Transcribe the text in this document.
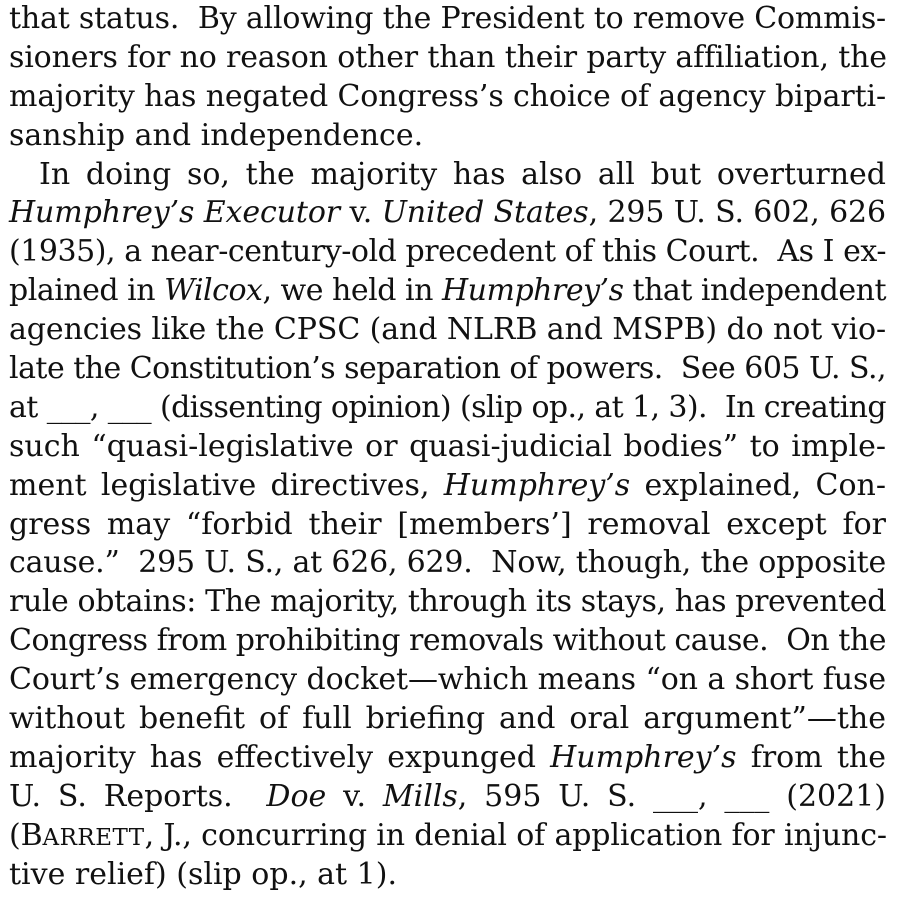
that status.  By allowing the President to remove Commis-
sioners for no reason other than their party affiliation, the
majority has negated Congress’s choice of agency biparti-
sanship and independence.
In doing so, the majority has also all but overturned
Humphrey’s Executor v. United States, 295 U. S. 602, 626
(1935), a near-century-old precedent of this Court.  As I ex-
plained in Wilcox, we held in Humphrey’s that independent
agencies like the CPSC (and NLRB and MSPB) do not vio-
late the Constitution’s separation of powers.  See 605 U. S.,
at ___, ___ (dissenting opinion) (slip op., at 1, 3).  In creating
such “quasi-legislative or quasi-judicial bodies” to imple-
ment legislative directives, Humphrey’s explained, Con-
gress may “forbid their [members’] removal except for
cause.”  295 U. S., at 626, 629.  Now, though, the opposite
rule obtains: The majority, through its stays, has prevented
Congress from prohibiting removals without cause.  On the
Court’s emergency docket—which means “on a short fuse
without benefit of full briefing and oral argument”—the
majority has effectively expunged Humphrey’s from the
U. S. Reports.  Doe v. Mills, 595 U. S. ___, ___ (2021)
(BARRETT, J., concurring in denial of application for injunc-
tive relief) (slip op., at 1).
